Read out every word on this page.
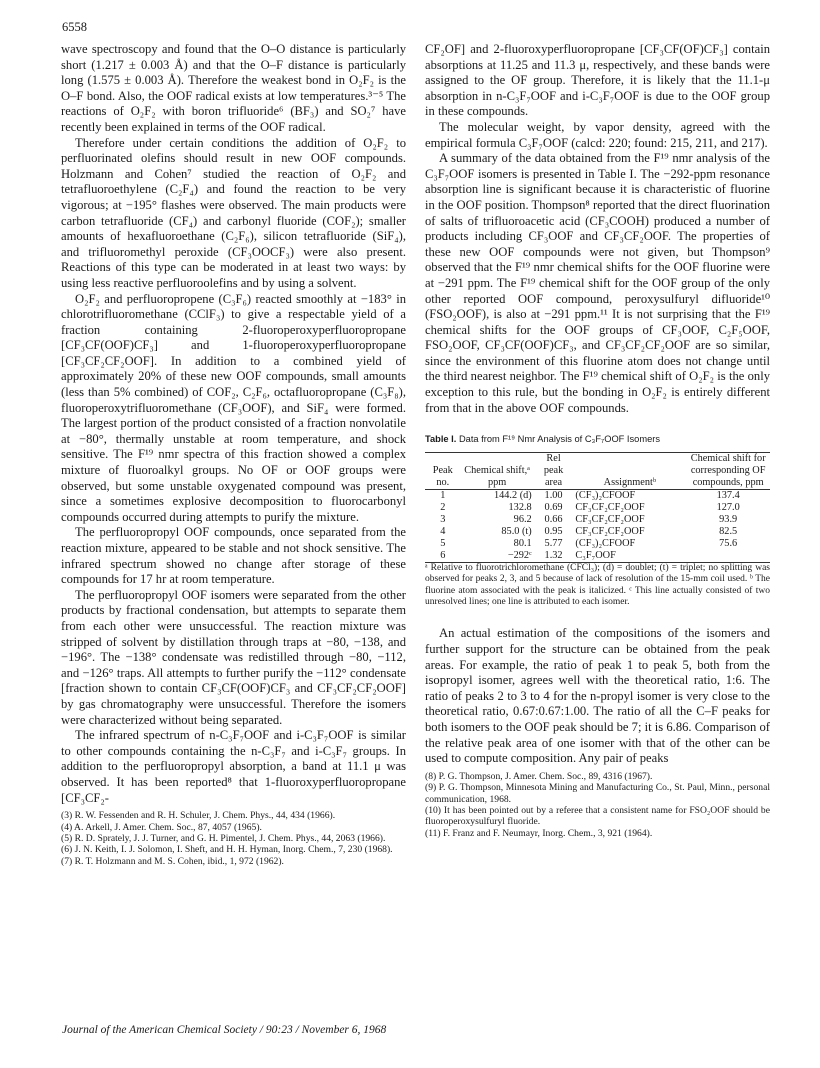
6558

wave spectroscopy and found that the O–O distance is particularly short (1.217 ± 0.003 Å) and that the O–F distance is particularly long (1.575 ± 0.003 Å). Therefore the weakest bond in O₂F₂ is the O–F bond. Also, the OOF radical exists at low temperatures.³⁻⁵ The reactions of O₂F₂ with boron trifluoride⁶ (BF₃) and SO₂⁷ have recently been explained in terms of the OOF radical.

Therefore under certain conditions the addition of O₂F₂ to perfluorinated olefins should result in new OOF compounds. Holzmann and Cohen⁷ studied the reaction of O₂F₂ and tetrafluoroethylene (C₂F₄) and found the reaction to be very vigorous; at −195° flashes were observed. The main products were carbon tetrafluoride (CF₄) and carbonyl fluoride (COF₂); smaller amounts of hexafluoroethane (C₂F₆), silicon tetrafluoride (SiF₄), and trifluoromethyl peroxide (CF₃OOCF₃) were also present. Reactions of this type can be moderated in at least two ways: by using less reactive perfluoroolefins and by using a solvent.

O₂F₂ and perfluoropropene (C₃F₆) reacted smoothly at −183° in chlorotrifluoromethane (CClF₃) to give a respectable yield of a fraction containing 2-fluoroperoxyperfluoropropane [CF₃CF(OOF)CF₃] and 1-fluoroperoxyperfluoropropane [CF₃CF₂CF₂OOF]. In addition to a combined yield of approximately 20% of these new OOF compounds, small amounts (less than 5% combined) of COF₂, C₂F₆, octafluoropropane (C₃F₈), fluoroperoxytrifluoromethane (CF₃OOF), and SiF₄ were formed. The largest portion of the product consisted of a fraction nonvolatile at −80°, thermally unstable at room temperature, and shock sensitive. The F¹⁹ nmr spectra of this fraction showed a complex mixture of fluoroalkyl groups. No OF or OOF groups were observed, but some unstable oxygenated compound was present, since a sometimes explosive decomposition to fluorocarbonyl compounds occurred during attempts to purify the mixture.

The perfluoropropyl OOF compounds, once separated from the reaction mixture, appeared to be stable and not shock sensitive. The infrared spectrum showed no change after storage of these compounds for 17 hr at room temperature.

The perfluoropropyl OOF isomers were separated from the other products by fractional condensation, but attempts to separate them from each other were unsuccessful. The reaction mixture was stripped of solvent by distillation through traps at −80, −138, and −196°. The −138° condensate was redistilled through −80, −112, and −126° traps. All attempts to further purify the −112° condensate [fraction shown to contain CF₃CF(OOF)CF₃ and CF₃CF₂CF₂OOF] by gas chromatography were unsuccessful. Therefore the isomers were characterized without being separated.

The infrared spectrum of n-C₃F₇OOF and i-C₃F₇OOF is similar to other compounds containing the n-C₃F₇ and i-C₃F₇ groups. In addition to the perfluoropropyl absorption, a band at 11.1 μ was observed. It has been reported⁸ that 1-fluoroxyperfluoropropane [CF₃CF₂-

(3) R. W. Fessenden and R. H. Schuler, J. Chem. Phys., 44, 434 (1966).
(4) A. Arkell, J. Amer. Chem. Soc., 87, 4057 (1965).
(5) R. D. Sprately, J. J. Turner, and G. H. Pimentel, J. Chem. Phys., 44, 2063 (1966).
(6) J. N. Keith, I. J. Solomon, I. Sheft, and H. H. Hyman, Inorg. Chem., 7, 230 (1968).
(7) R. T. Holzmann and M. S. Cohen, ibid., 1, 972 (1962).

CF₂OF] and 2-fluoroxyperfluoropropane [CF₃CF(OF)CF₃] contain absorptions at 11.25 and 11.3 μ, respectively, and these bands were assigned to the OF group. Therefore, it is likely that the 11.1-μ absorption in n-C₃F₇OOF and i-C₃F₇OOF is due to the OOF group in these compounds.

The molecular weight, by vapor density, agreed with the empirical formula C₃F₇OOF (calcd: 220; found: 215, 211, and 217).

A summary of the data obtained from the F¹⁹ nmr analysis of the C₃F₇OOF isomers is presented in Table I. The −292-ppm resonance absorption line is significant because it is characteristic of fluorine in the OOF position. Thompson⁸ reported that the direct fluorination of salts of trifluoroacetic acid (CF₃COOH) produced a number of products including CF₃OOF and CF₃CF₂OOF. The properties of these new OOF compounds were not given, but Thompson⁹ observed that the F¹⁹ nmr chemical shifts for the OOF fluorine were at −291 ppm. The F¹⁹ chemical shift for the OOF group of the only other reported OOF compound, peroxysulfuryl difluoride¹⁰ (FSO₂OOF), is also at −291 ppm.¹¹ It is not surprising that the F¹⁹ chemical shifts for the OOF groups of CF₃OOF, C₂F₅OOF, FSO₂OOF, CF₃CF(OOF)CF₃, and CF₃CF₂CF₂OOF are so similar, since the environment of this fluorine atom does not change until the third nearest neighbor. The F¹⁹ chemical shift of O₂F₂ is the only exception to this rule, but the bonding in O₂F₂ is entirely different from that in the above OOF compounds.

Table I. Data from F¹⁹ Nmr Analysis of C₃F₇OOF Isomers
Peak no.	Chemical shift,ᵃ ppm	Rel peak area	Assignmentᵇ	Chemical shift for corresponding OF compounds, ppm
1	144.2 (d)	1.00	(CF₃)₂CFOOF	137.4
2	132.8	0.69	CF₃CF₂CF₂OOF	127.0
3	96.2	0.66	CF₃CF₂CF₂OOF	93.9
4	85.0 (t)	0.95	CF₃CF₂CF₂OOF	82.5
5	80.1	5.77	(CF₃)₂CFOOF	75.6
6	−292ᶜ	1.32	C₃F₇OOF	

ᵃ Relative to fluorotrichloromethane (CFCl₃); (d) = doublet; (t) = triplet; no splitting was observed for peaks 2, 3, and 5 because of lack of resolution of the 15-mm coil used. ᵇ The fluorine atom associated with the peak is italicized. ᶜ This line actually consisted of two unresolved lines; one line is attributed to each isomer.

An actual estimation of the compositions of the isomers and further support for the structure can be obtained from the peak areas. For example, the ratio of peak 1 to peak 5, both from the isopropyl isomer, agrees well with the theoretical ratio, 1:6. The ratio of peaks 2 to 3 to 4 for the n-propyl isomer is very close to the theoretical ratio, 0.67:0.67:1.00. The ratio of all the C–F peaks for both isomers to the OOF peak should be 7; it is 6.86. Comparison of the relative peak area of one isomer with that of the other can be used to compute composition. Any pair of peaks

(8) P. G. Thompson, J. Amer. Chem. Soc., 89, 4316 (1967).
(9) P. G. Thompson, Minnesota Mining and Manufacturing Co., St. Paul, Minn., personal communication, 1968.
(10) It has been pointed out by a referee that a consistent name for FSO₂OOF should be fluoroperoxysulfuryl fluoride.
(11) F. Franz and F. Neumayr, Inorg. Chem., 3, 921 (1964).
Journal of the American Chemical Society / 90:23 / November 6, 1968
